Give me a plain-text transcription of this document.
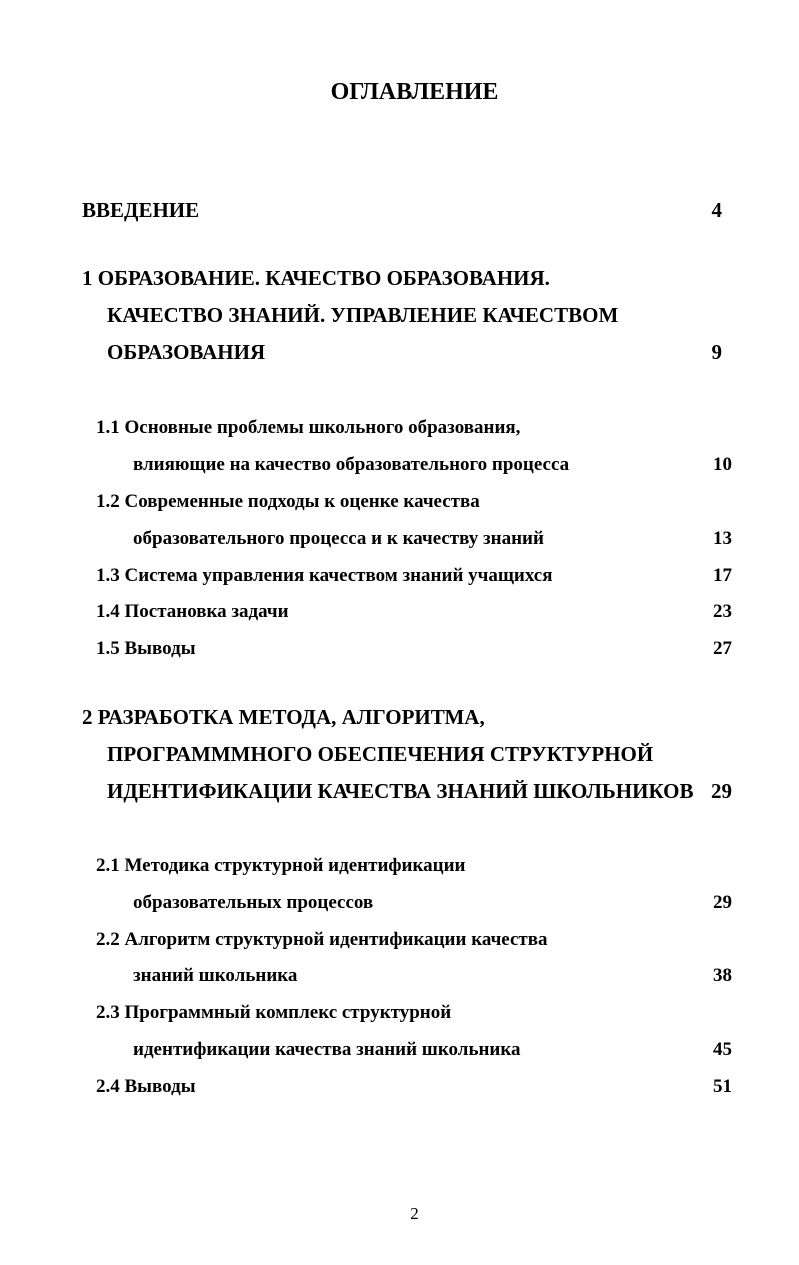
ОГЛАВЛЕНИЕ
ВВЕДЕНИЕ	4
1 ОБРАЗОВАНИЕ. КАЧЕСТВО ОБРАЗОВАНИЯ.
КАЧЕСТВО ЗНАНИЙ. УПРАВЛЕНИЕ КАЧЕСТВОМ
ОБРАЗОВАНИЯ	9
1.1 Основные проблемы школьного образования,
влияющие на качество образовательного процесса	10
1.2 Современные подходы к оценке качества
образовательного процесса и к качеству знаний	13
1.3 Система управления качеством знаний учащихся	17
1.4 Постановка задачи	23
1.5 Выводы	27
2 РАЗРАБОТКА МЕТОДА, АЛГОРИТМА,
ПРОГРАМММНОГО ОБЕСПЕЧЕНИЯ СТРУКТУРНОЙ
ИДЕНТИФИКАЦИИ КАЧЕСТВА ЗНАНИЙ ШКОЛЬНИКОВ 29
2.1 Методика структурной идентификации
образовательных процессов	29
2.2 Алгоритм структурной идентификации качества
знаний школьника	38
2.3 Программный комплекс структурной
идентификации качества знаний школьника	45
2.4 Выводы	51
2
